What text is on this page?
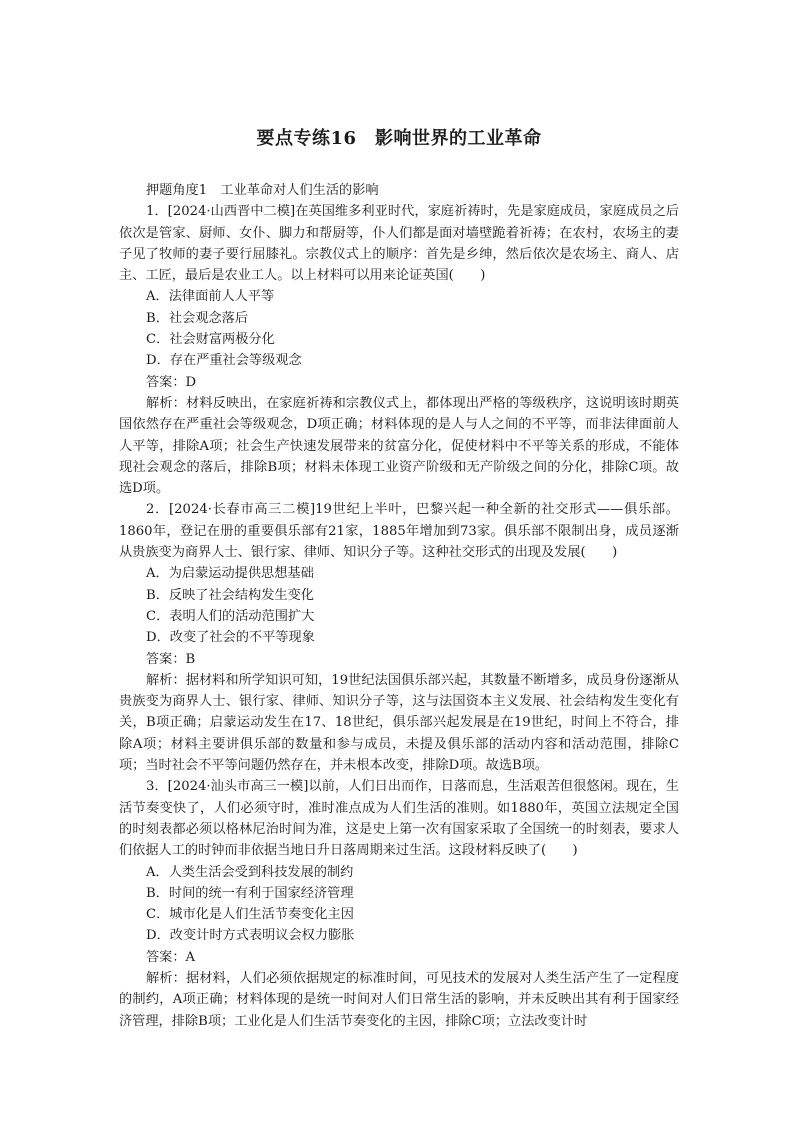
要点专练16　影响世界的工业革命
押题角度1　工业革命对人们生活的影响

1．[2024·山西晋中二模]在英国维多利亚时代，家庭祈祷时，先是家庭成员，家庭成员之后依次是管家、厨师、女仆、脚力和帮厨等，仆人们都是面对墙壁跪着祈祷；在农村，农场主的妻子见了牧师的妻子要行屈膝礼。宗教仪式上的顺序：首先是乡绅，然后依次是农场主、商人、店主、工匠，最后是农业工人。以上材料可以用来论证英国(　　)

A．法律面前人人平等

B．社会观念落后

C．社会财富两极分化

D．存在严重社会等级观念

答案：D

解析：材料反映出，在家庭祈祷和宗教仪式上，都体现出严格的等级秩序，这说明该时期英国依然存在严重社会等级观念，D项正确；材料体现的是人与人之间的不平等，而非法律面前人人平等，排除A项；社会生产快速发展带来的贫富分化，促使材料中不平等关系的形成，不能体现社会观念的落后，排除B项；材料未体现工业资产阶级和无产阶级之间的分化，排除C项。故选D项。

2．[2024·长春市高三二模]19世纪上半叶，巴黎兴起一种全新的社交形式——俱乐部。1860年，登记在册的重要俱乐部有21家，1885年增加到73家。俱乐部不限制出身，成员逐渐从贵族变为商界人士、银行家、律师、知识分子等。这种社交形式的出现及发展(　　)

A．为启蒙运动提供思想基础

B．反映了社会结构发生变化

C．表明人们的活动范围扩大

D．改变了社会的不平等现象

答案：B

解析：据材料和所学知识可知，19世纪法国俱乐部兴起，其数量不断增多，成员身份逐渐从贵族变为商界人士、银行家、律师、知识分子等，这与法国资本主义发展、社会结构发生变化有关，B项正确；启蒙运动发生在17、18世纪，俱乐部兴起发展是在19世纪，时间上不符合，排除A项；材料主要讲俱乐部的数量和参与成员，未提及俱乐部的活动内容和活动范围，排除C项；当时社会不平等问题仍然存在，并未根本改变，排除D项。故选B项。

3．[2024·汕头市高三一模]以前，人们日出而作，日落而息，生活艰苦但很悠闲。现在，生活节奏变快了，人们必须守时，准时准点成为人们生活的准则。如1880年，英国立法规定全国的时刻表都必须以格林尼治时间为准，这是史上第一次有国家采取了全国统一的时刻表，要求人们依据人工的时钟而非依据当地日升日落周期来过生活。这段材料反映了(　　)

A．人类生活会受到科技发展的制约

B．时间的统一有利于国家经济管理

C．城市化是人们生活节奏变化主因

D．改变计时方式表明议会权力膨胀

答案：A

解析：据材料，人们必须依据规定的标准时间，可见技术的发展对人类生活产生了一定程度的制约，A项正确；材料体现的是统一时间对人们日常生活的影响，并未反映出其有利于国家经济管理，排除B项；工业化是人们生活节奏变化的主因，排除C项；立法改变计时
